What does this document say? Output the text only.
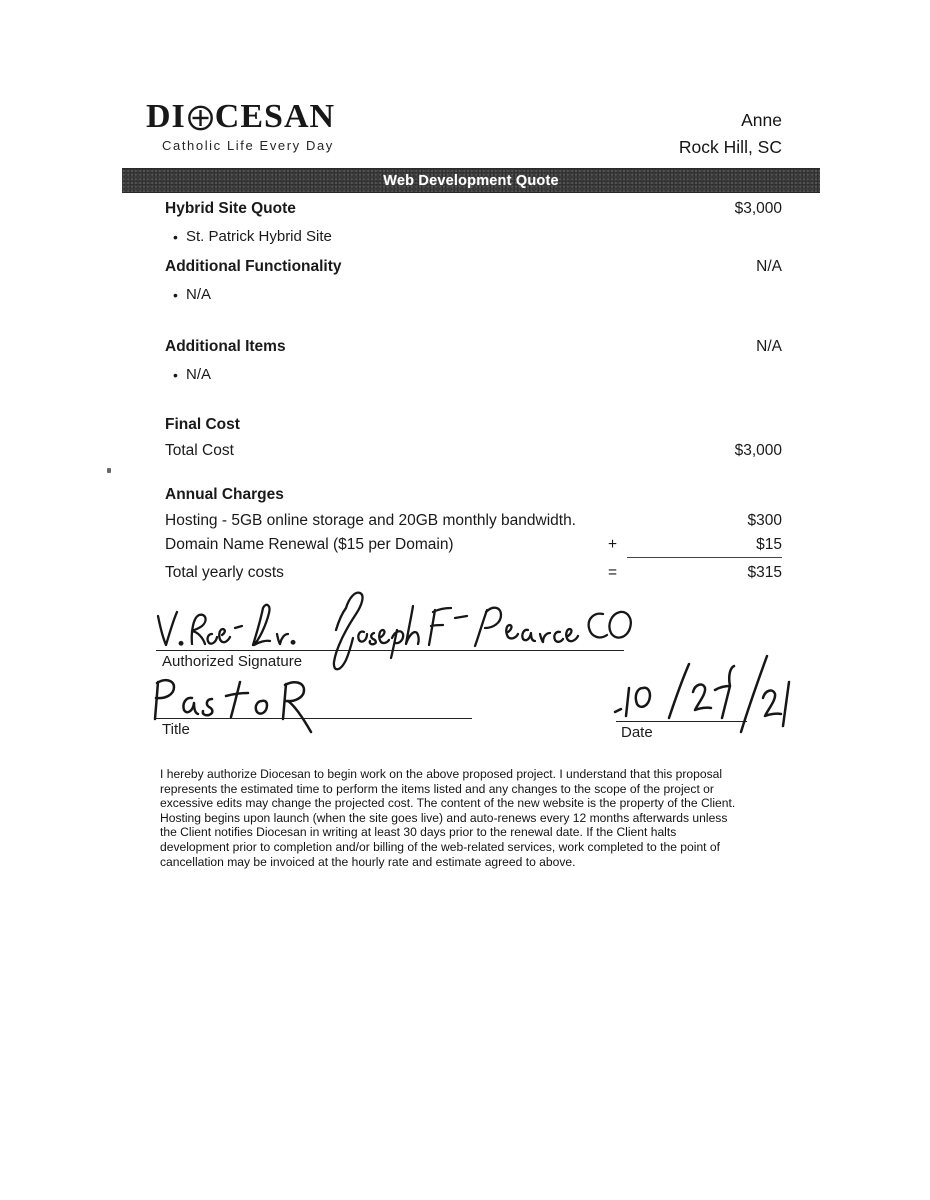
DI CESAN
Catholic Life Every Day
Anne
Rock Hill, SC
Web Development Quote
Hybrid Site Quote	$3,000
• St. Patrick Hybrid Site
Additional Functionality	N/A
• N/A
Additional Items	N/A
• N/A
Final Cost
Total Cost	$3,000
Annual Charges
Hosting - 5GB online storage and 20GB monthly bandwidth.	$300
Domain Name Renewal ($15 per Domain)	+	$15
Total yearly costs	=	$315
Authorized Signature
Title	Date
I hereby authorize Diocesan to begin work on the above proposed project. I understand that this proposal
represents the estimated time to perform the items listed and any changes to the scope of the project or
excessive edits may change the projected cost. The content of the new website is the property of the Client.
Hosting begins upon launch (when the site goes live) and auto-renews every 12 months afterwards unless
the Client notifies Diocesan in writing at least 30 days prior to the renewal date. If the Client halts
development prior to completion and/or billing of the web-related services, work completed to the point of
cancellation may be invoiced at the hourly rate and estimate agreed to above.
